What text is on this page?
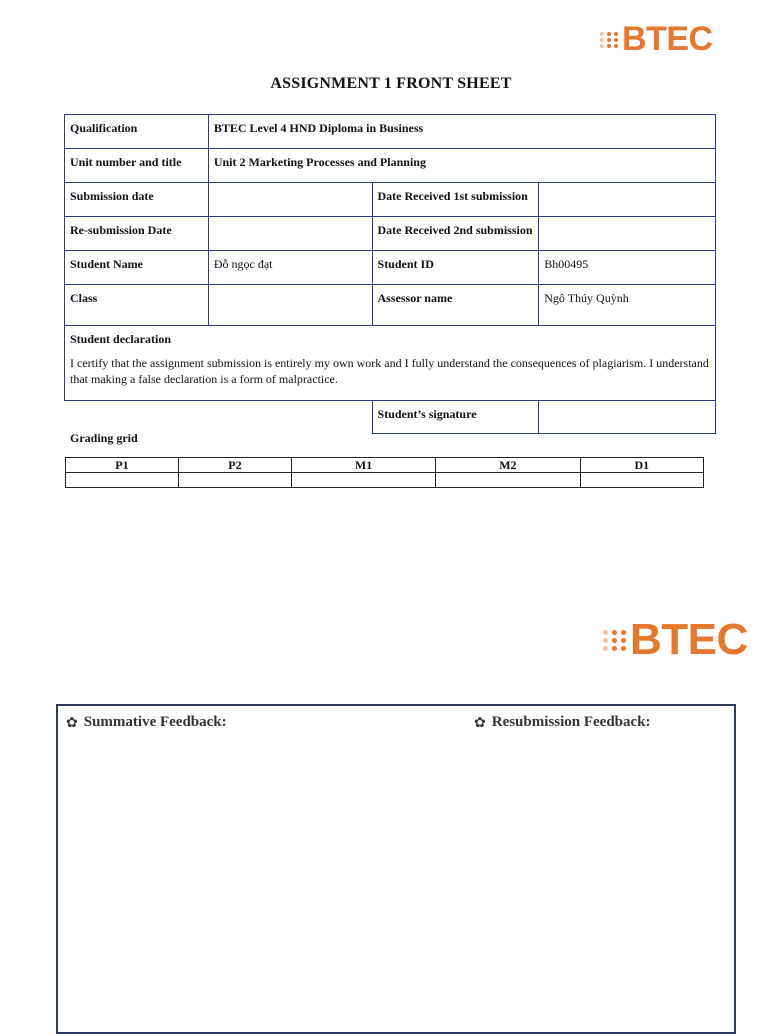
BTEC
ASSIGNMENT 1 FRONT SHEET
Qualification	BTEC Level 4 HND Diploma in Business		
Unit number and title	Unit 2 Marketing Processes and Planning		
Submission date		Date Received 1st submission	
Re-submission Date		Date Received 2nd submission	
Student Name	Đỗ ngọc đạt	Student ID	Bh00495
Class		Assessor name	Ngô Thúy Quỳnh

Student declaration
I certify that the assignment submission is entirely my own work and I fully understand the consequences of plagiarism. I understand that making a false declaration is a form of malpractice.			

		Student’s signature	
Grading grid
P1	P2	M1	M2	D1

BTEC
✿ Summative Feedback:	✿ Resubmission Feedback:
